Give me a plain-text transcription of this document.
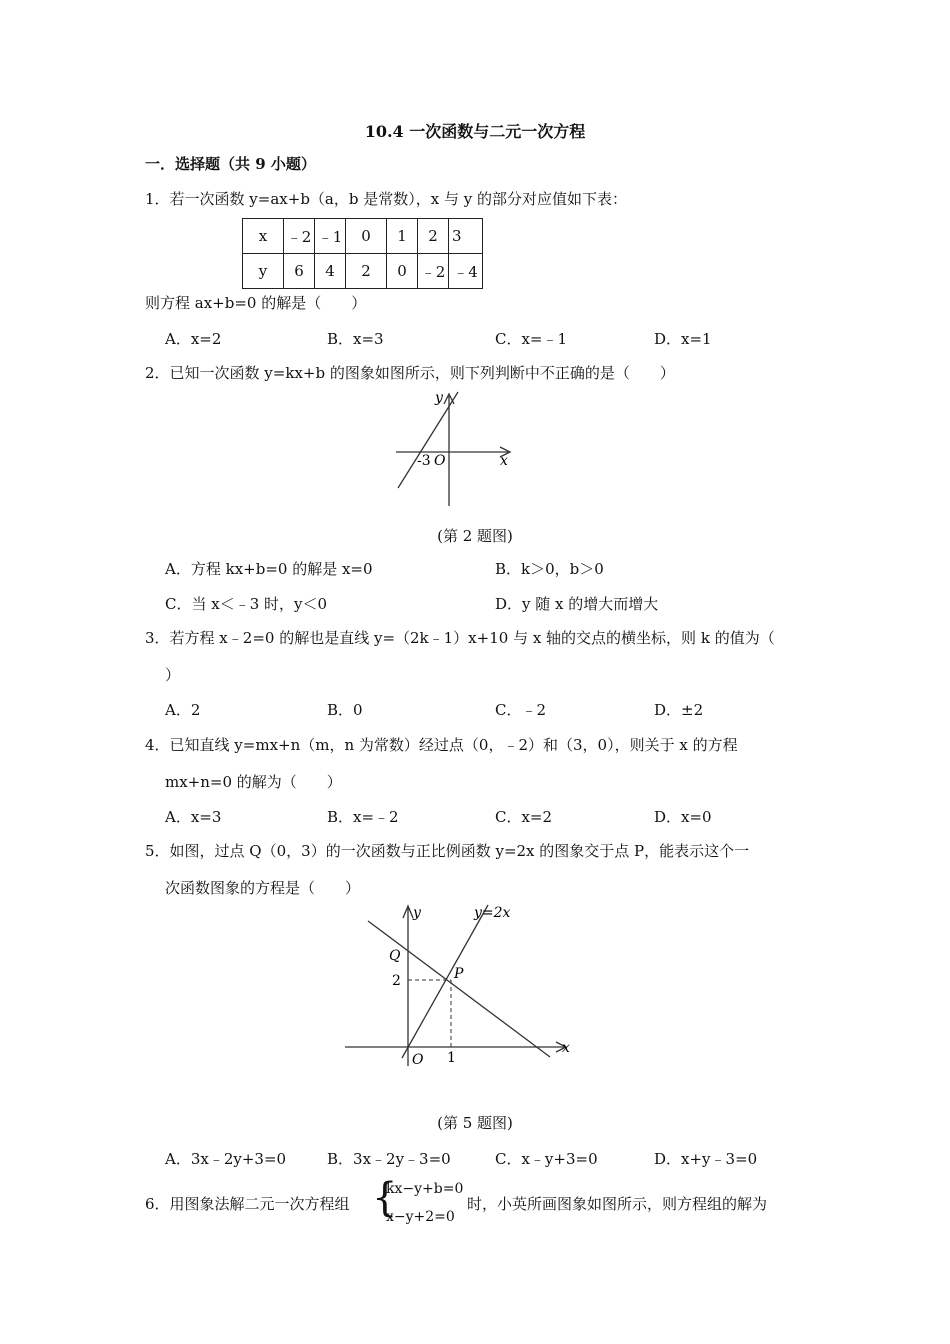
10.4 一次函数与二元一次方程
一．选择题（共 9 小题）
1．若一次函数 y=ax+b（a，b 是常数），x 与 y 的部分对应值如下表：
x	﹣2	﹣1	0	1	2	3
y	6	4	2	0	﹣2	﹣4
则方程 ax+b=0 的解是（　　）
A．x=2	B．x=3	C．x=﹣1	D．x=1
2．已知一次函数 y=kx+b 的图象如图所示，则下列判断中不正确的是（　　）
y
x
O
-3
(第 2 题图)
A．方程 kx+b=0 的解是 x=0	B．k＞0，b＞0
C．当 x＜﹣3 时，y＜0	D．y 随 x 的增大而增大
3．若方程 x﹣2=0 的解也是直线 y=（2k﹣1）x+10 与 x 轴的交点的横坐标，则 k 的值为（
）
A．2	B．0	C．﹣2	D．±2
4．已知直线 y=mx+n（m，n 为常数）经过点（0，﹣2）和（3，0），则关于 x 的方程
mx+n=0 的解为（　　）
A．x=3	B．x=﹣2	C．x=2	D．x=0
5．如图，过点 Q（0，3）的一次函数与正比例函数 y=2x 的图象交于点 P，能表示这个一
次函数图象的方程是（　　）
y
x
y=2x
Q
P
2
1
O
(第 5 题图)
A．3x﹣2y+3=0	B．3x﹣2y﹣3=0	C．x﹣y+3=0	D．x+y﹣3=0
6．用图象法解二元一次方程组 {
kx−y+b=0
x−y+2=0
时，小英所画图象如图所示，则方程组的解为
